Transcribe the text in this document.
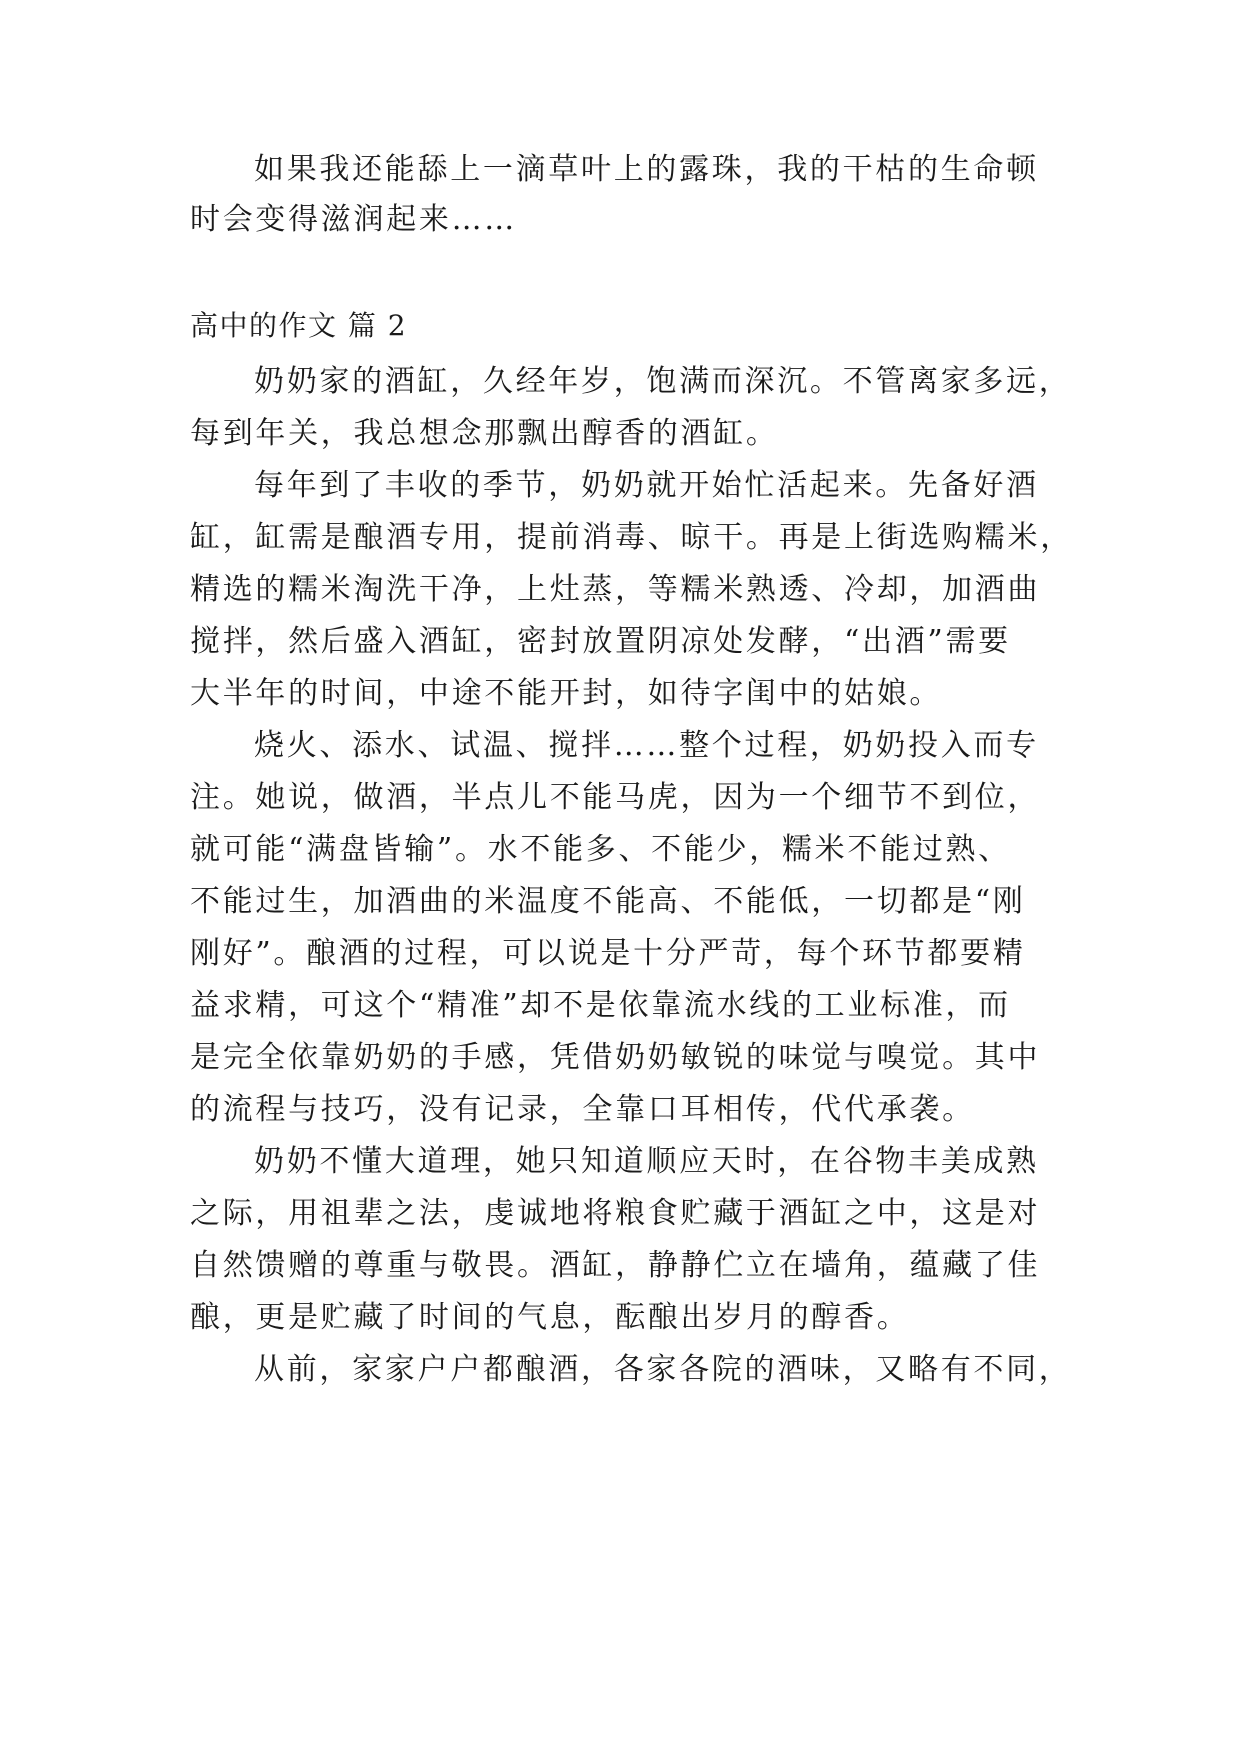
如果我还能舔上一滴草叶上的露珠，我的干枯的生命顿
时会变得滋润起来……
高中的作文 篇 2
奶奶家的酒缸，久经年岁，饱满而深沉。不管离家多远，
每到年关，我总想念那飘出醇香的酒缸。
每年到了丰收的季节，奶奶就开始忙活起来。先备好酒
缸，缸需是酿酒专用，提前消毒、晾干。再是上街选购糯米，
精选的糯米淘洗干净，上灶蒸，等糯米熟透、冷却，加酒曲
搅拌，然后盛入酒缸，密封放置阴凉处发酵，“出酒”需要
大半年的时间，中途不能开封，如待字闺中的姑娘。
烧火、添水、试温、搅拌……整个过程，奶奶投入而专
注。她说，做酒，半点儿不能马虎，因为一个细节不到位，
就可能“满盘皆输”。水不能多、不能少，糯米不能过熟、
不能过生，加酒曲的米温度不能高、不能低，一切都是“刚
刚好”。酿酒的过程，可以说是十分严苛，每个环节都要精
益求精，可这个“精准”却不是依靠流水线的工业标准，而
是完全依靠奶奶的手感，凭借奶奶敏锐的味觉与嗅觉。其中
的流程与技巧，没有记录，全靠口耳相传，代代承袭。
奶奶不懂大道理，她只知道顺应天时，在谷物丰美成熟
之际，用祖辈之法，虔诚地将粮食贮藏于酒缸之中，这是对
自然馈赠的尊重与敬畏。酒缸，静静伫立在墙角，蕴藏了佳
酿，更是贮藏了时间的气息，酝酿出岁月的醇香。
从前，家家户户都酿酒，各家各院的酒味，又略有不同，
